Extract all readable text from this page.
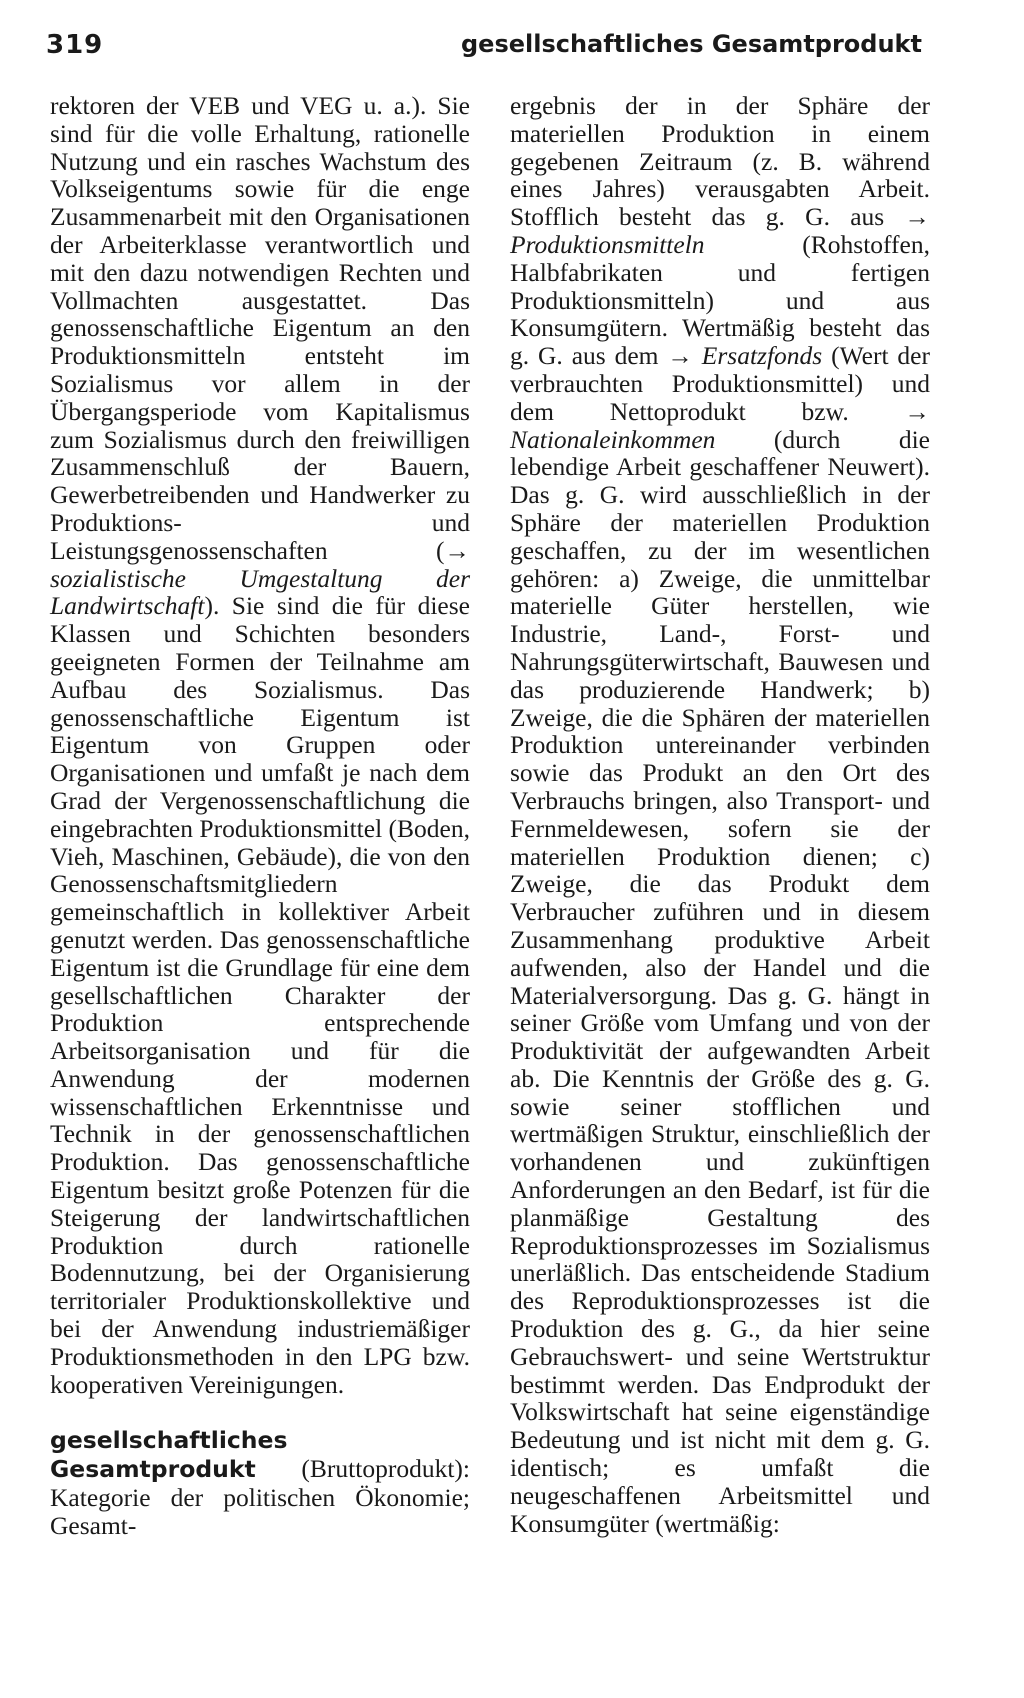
319	gesellschaftliches Gesamtprodukt

rektoren der VEB und VEG u. a.). Sie sind für die volle Erhaltung, rationelle Nutzung und ein rasches Wachstum des Volkseigentums sowie für die enge Zusammenarbeit mit den Organisationen der Arbeiterklasse verantwortlich und mit den dazu notwendigen Rechten und Vollmachten ausgestattet. Das genossenschaftliche Eigentum an den Produktionsmitteln entsteht im Sozialismus vor allem in der Übergangsperiode vom Kapitalismus zum Sozialismus durch den freiwilligen Zusammenschluß der Bauern, Gewerbetreibenden und Handwerker zu Produktions- und Leistungsgenossenschaften (→ sozialistische Umgestaltung der Landwirtschaft). Sie sind die für diese Klassen und Schichten besonders geeigneten Formen der Teilnahme am Aufbau des Sozialismus. Das genossenschaftliche Eigentum ist Eigentum von Gruppen oder Organisationen und umfaßt je nach dem Grad der Vergenossenschaftlichung die eingebrachten Produktionsmittel (Boden, Vieh, Maschinen, Gebäude), die von den Genossenschaftsmitgliedern gemeinschaftlich in kollektiver Arbeit genutzt werden. Das genossenschaftliche Eigentum ist die Grundlage für eine dem gesellschaftlichen Charakter der Produktion entsprechende Arbeitsorganisation und für die Anwendung der modernen wissenschaftlichen Erkenntnisse und Technik in der genossenschaftlichen Produktion. Das genossenschaftliche Eigentum besitzt große Potenzen für die Steigerung der landwirtschaftlichen Produktion durch rationelle Bodennutzung, bei der Organisierung territorialer Produktionskollektive und bei der Anwendung industriemäßiger Produktionsmethoden in den LPG bzw. kooperativen Vereinigungen.

gesellschaftliches Gesamtprodukt (Bruttoprodukt): Kategorie der politischen Ökonomie; Gesamt-

ergebnis der in der Sphäre der materiellen Produktion in einem gegebenen Zeitraum (z. B. während eines Jahres) verausgabten Arbeit. Stofflich besteht das g. G. aus → Produktionsmitteln (Rohstoffen, Halbfabrikaten und fertigen Produktionsmitteln) und aus Konsumgütern. Wertmäßig besteht das g. G. aus dem → Ersatzfonds (Wert der verbrauchten Produktionsmittel) und dem Nettoprodukt bzw. → Nationaleinkommen (durch die lebendige Arbeit geschaffener Neuwert). Das g. G. wird ausschließlich in der Sphäre der materiellen Produktion geschaffen, zu der im wesentlichen gehören: a) Zweige, die unmittelbar materielle Güter herstellen, wie Industrie, Land-, Forst- und Nahrungsgüterwirtschaft, Bauwesen und das produzierende Handwerk; b) Zweige, die die Sphären der materiellen Produktion untereinander verbinden sowie das Produkt an den Ort des Verbrauchs bringen, also Transport- und Fernmeldewesen, sofern sie der materiellen Produktion dienen; c) Zweige, die das Produkt dem Verbraucher zuführen und in diesem Zusammenhang produktive Arbeit aufwenden, also der Handel und die Materialversorgung. Das g. G. hängt in seiner Größe vom Umfang und von der Produktivität der aufgewandten Arbeit ab. Die Kenntnis der Größe des g. G. sowie seiner stofflichen und wertmäßigen Struktur, einschließlich der vorhandenen und zukünftigen Anforderungen an den Bedarf, ist für die planmäßige Gestaltung des Reproduktionsprozesses im Sozialismus unerläßlich. Das entscheidende Stadium des Reproduktionsprozesses ist die Produktion des g. G., da hier seine Gebrauchswert- und seine Wertstruktur bestimmt werden. Das Endprodukt der Volkswirtschaft hat seine eigenständige Bedeutung und ist nicht mit dem g. G. identisch; es umfaßt die neugeschaffenen Arbeitsmittel und Konsumgüter (wertmäßig:
